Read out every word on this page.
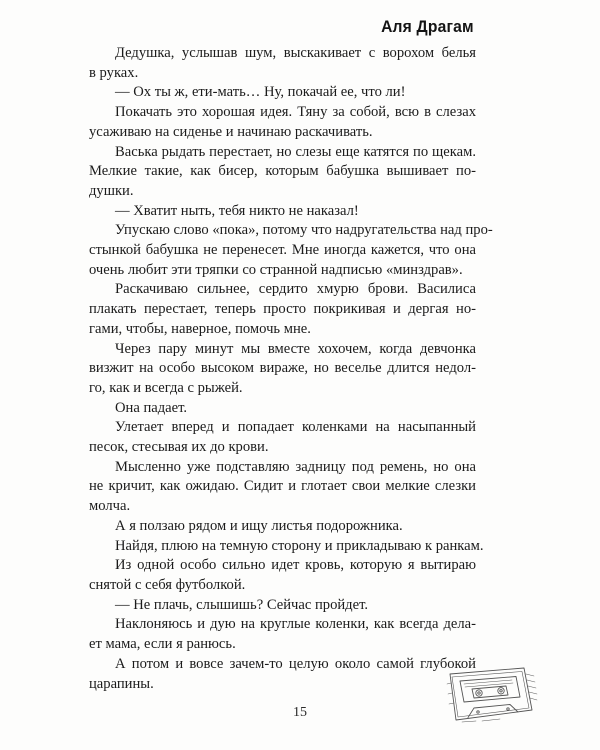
Аля Драгам

Дедушка, услышав шум, выскакивает с ворохом белья
в руках.

— Ох ты ж, ети-мать… Ну, покачай ее, что ли!

Покачать это хорошая идея. Тяну за собой, всю в слезах
усаживаю на сиденье и начинаю раскачивать.

Васька рыдать перестает, но слезы еще катятся по щекам.
Мелкие такие, как бисер, которым бабушка вышивает по-
душки.

— Хватит ныть, тебя никто не наказал!

Упускаю слово «пока», потому что надругательства над про-
стынкой бабушка не перенесет. Мне иногда кажется, что она
очень любит эти тряпки со странной надписью «минздрав».

Раскачиваю сильнее, сердито хмурю брови. Василиса
плакать перестает, теперь просто покрикивая и дергая но-
гами, чтобы, наверное, помочь мне.

Через пару минут мы вместе хохочем, когда девчонка
визжит на особо высоком вираже, но веселье длится недол-
го, как и всегда с рыжей.

Она падает.

Улетает вперед и попадает коленками на насыпанный
песок, стесывая их до крови.

Мысленно уже подставляю задницу под ремень, но она
не кричит, как ожидаю. Сидит и глотает свои мелкие слезки
молча.

А я ползаю рядом и ищу листья подорожника.

Найдя, плюю на темную сторону и прикладываю к ранкам.

Из одной особо сильно идет кровь, которую я вытираю
снятой с себя футболкой.

— Не плачь, слышишь? Сейчас пройдет.

Наклоняюсь и дую на круглые коленки, как всегда дела-
ет мама, если я ранюсь.

А потом и вовсе зачем-то целую около самой глубокой
царапины.

15
